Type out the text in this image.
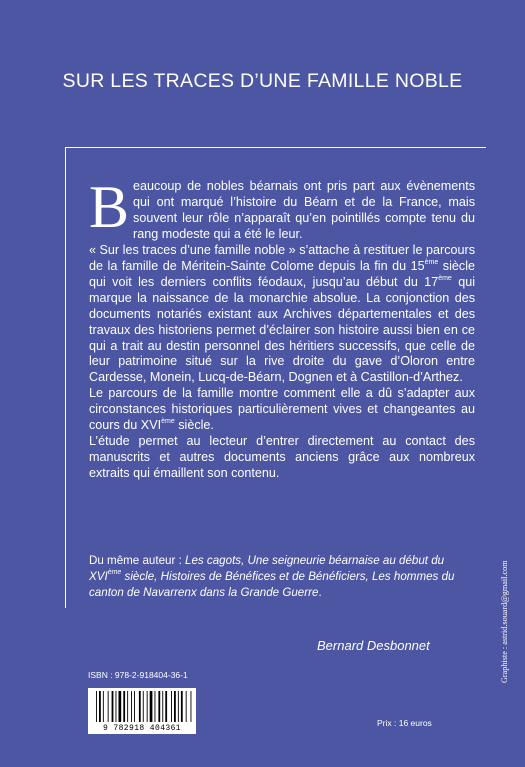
SUR LES TRACES D’UNE FAMILLE NOBLE

Beaucoup de nobles béarnais ont pris part aux évènements qui ont marqué l’histoire du Béarn et de la France, mais souvent leur rôle n’apparaît qu’en pointillés compte tenu du rang modeste qui a été le leur.

« Sur les traces d’une famille noble » s’attache à restituer le parcours de la famille de Méritein-Sainte Colome depuis la fin du 15ème siècle qui voit les derniers conflits féodaux, jusqu’au début du 17ème qui marque la naissance de la monarchie absolue. La conjonction des documents notariés existant aux Archives départementales et des travaux des historiens permet d’éclairer son histoire aussi bien en ce qui a trait au destin personnel des héritiers successifs, que celle de leur patrimoine situé sur la rive droite du gave d’Oloron entre Cardesse, Monein, Lucq-de-Béarn, Dognen et à Castillon-d’Arthez.

Le parcours de la famille montre comment elle a dû s’adapter aux circonstances historiques particulièrement vives et changeantes au cours du XVIème siècle.

L’étude permet au lecteur d’entrer directement au contact des manuscrits et autres documents anciens grâce aux nombreux extraits qui émaillent son contenu.

Du même auteur : Les cagots, Une seigneurie béarnaise au début du XVIème siècle, Histoires de Bénéfices et de Bénéficiers, Les hommes du canton de Navarrenx dans la Grande Guerre.
Bernard Desbonnet
ISBN : 978-2-918404-36-1
9 782918 404361
Prix : 16 euros
Graphiste : astrid.souard@gmail.com
